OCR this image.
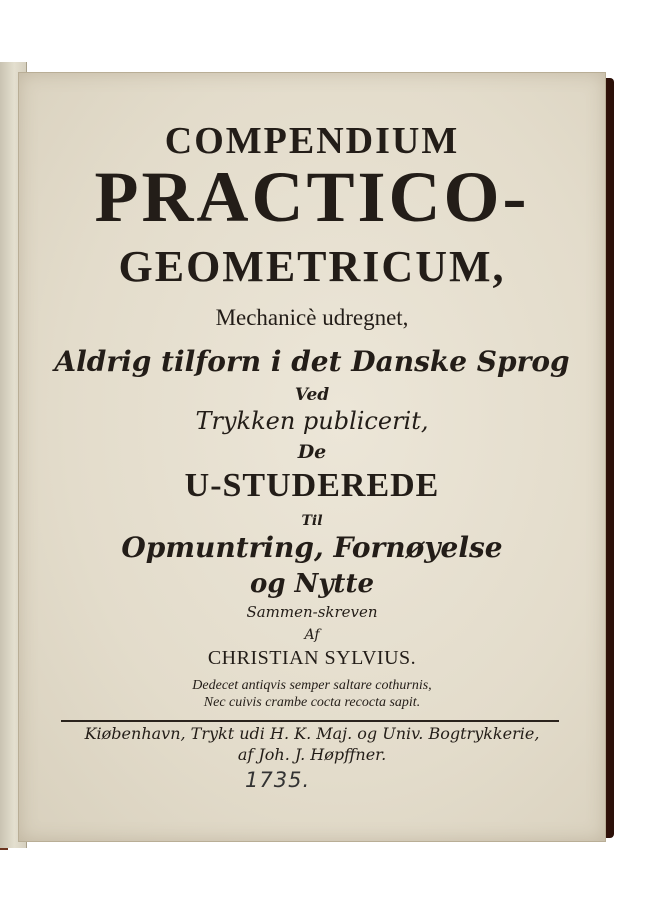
COMPENDIUM
PRACTICO-
GEOMETRICUM,
Mechanicè udregnet,
Aldrig tilforn i det Danske Sprog
Ved
Trykken publicerit,
De
U-STUDEREDE
Til
Opmuntring, Fornøyelse
og Nytte
Sammen-skreven
Af
CHRISTIAN SYLVIUS.
Dedecet antiqvis semper saltare cothurnis,
Nec cuivis crambe cocta recocta sapit.
Kiøbenhavn, Trykt udi H. K. Maj. og Univ. Bogtrykkerie,
af Joh. J. Høpffner.
1735.
